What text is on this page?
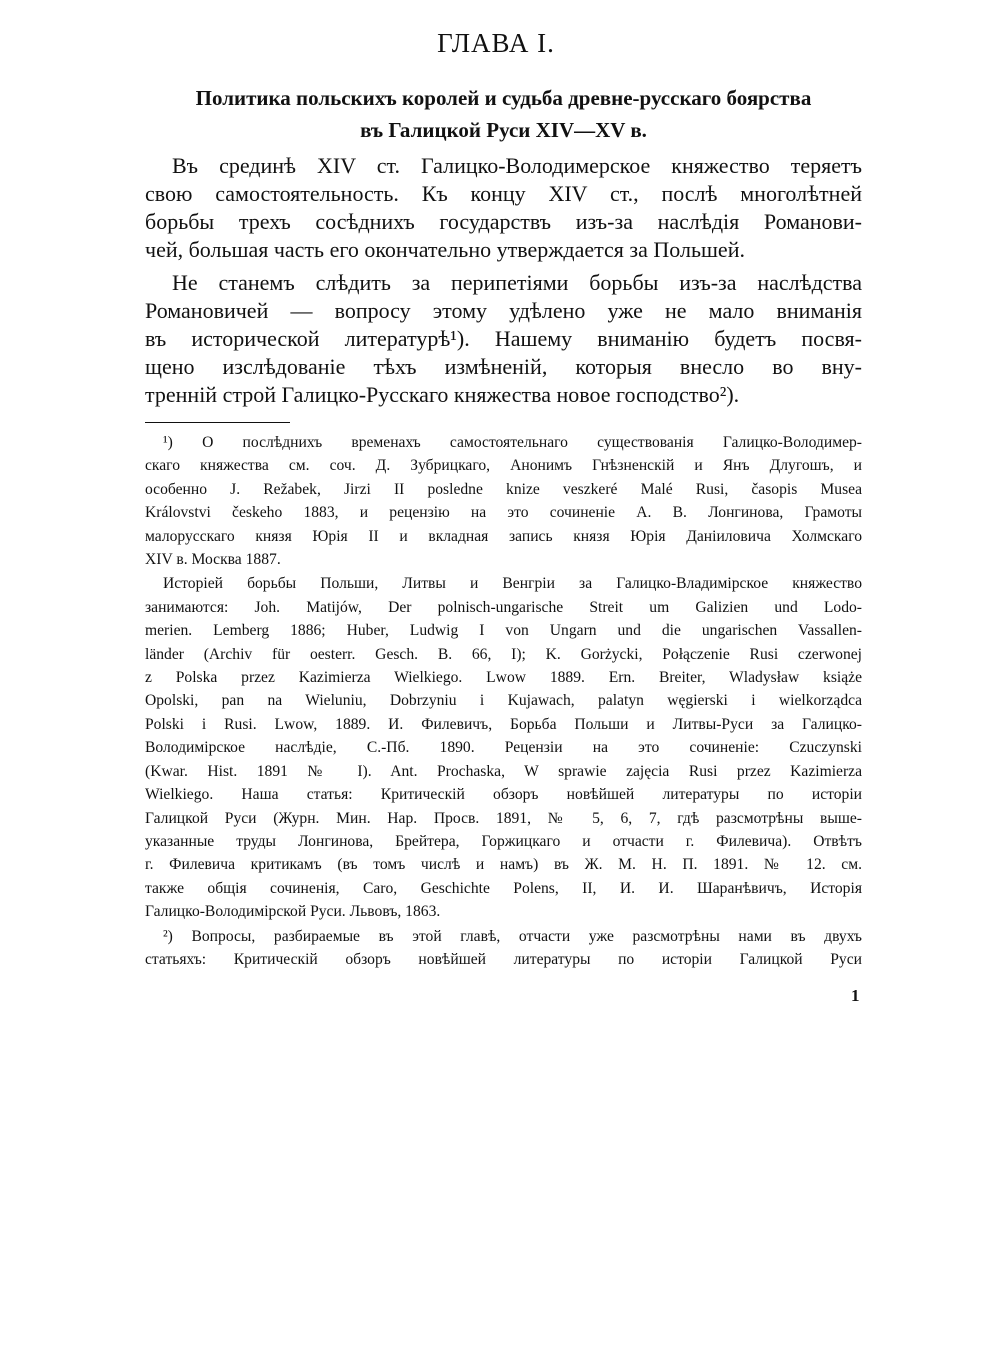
ГЛАВА I.
Политика польскихъ королей и судьба древне-русскаго боярства
въ Галицкой Руси XIV—XV в.
Въ срединѣ XIV ст. Галицко-Володимерское княжество теряетъ
свою самостоятельность. Къ концу XIV ст., послѣ многолѣтней
борьбы трехъ сосѣднихъ государствъ изъ-за наслѣдія Романови-
чей, большая часть его окончательно утверждается за Польшей.
Не станемъ слѣдить за перипетіями борьбы изъ-за наслѣдства
Романовичей — вопросу этому удѣлено уже не мало вниманія
въ исторической литературѣ¹). Нашему вниманію будетъ посвя-
щено изслѣдованіе тѣхъ измѣненій, которыя внесло во вну-
тренній строй Галицко-Русскаго княжества новое господство²).
¹) О послѣднихъ временахъ самостоятельнаго существованія Галицко-Володимер-
скаго княжества см. соч. Д. Зубрицкаго, Анонимъ Гнѣзненскій и Янъ Длугошъ, и
особенно J. Režabek, Jirzi II posledne knize veszkeré Malé Rusi, časopis Musea
Královstvi českeho 1883, и рецензію на это сочиненіе А. В. Лонгинова, Грамоты
малорусскаго князя Юрія II и вкладная запись князя Юрія Даніиловича Холмскаго
XIV в. Москва 1887.
Исторіей борьбы Польши, Литвы и Венгріи за Галицко-Владимірское княжество
занимаются: Joh. Matijów, Der polnisch-ungarische Streit um Galizien und Lodo-
merien. Lemberg 1886; Huber, Ludwig I von Ungarn und die ungarischen Vassallen-
länder (Archiv für oesterr. Gesch. B. 66, I); K. Gorżycki, Połączenie Rusi czerwonej
z Polska przez Kazimierza Wielkiego. Lwow 1889. Ern. Breiter, Wladysław książe
Opolski, pan na Wieluniu, Dobrzyniu i Kujawach, palatyn węgierski i wielkorządca
Polski i Rusi. Lwow, 1889. И. Филевичъ, Борьба Польши и Литвы-Руси за Галицко-
Володимірское наслѣдіе, С.-Пб. 1890. Рецензіи на это сочиненіе: Czuczynski
(Kwar. Hist. 1891 № I). Ant. Prochaska, W sprawie zajęcia Rusi przez Kazimierza
Wielkiego. Наша статья: Критическій обзоръ новѣйшей литературы по исторіи
Галицкой Руси (Журн. Мин. Нар. Просв. 1891, № 5, 6, 7, гдѣ разсмотрѣны выше-
указанные труды Лонгинова, Брейтера, Горжицкаго и отчасти г. Филевича). Отвѣтъ
г. Филевича критикамъ (въ томъ числѣ и намъ) въ Ж. М. Н. П. 1891. № 12. см.
также общія сочиненія, Caro, Geschichte Polens, II, И. И. Шаранѣвичъ, Исторія
Галицко-Володимірской Руси. Львовъ, 1863.
²) Вопросы, разбираемые въ этой главѣ, отчасти уже разсмотрѣны нами въ двухъ
статьяхъ: Критическій обзоръ новѣйшей литературы по исторіи Галицкой Руси
1
